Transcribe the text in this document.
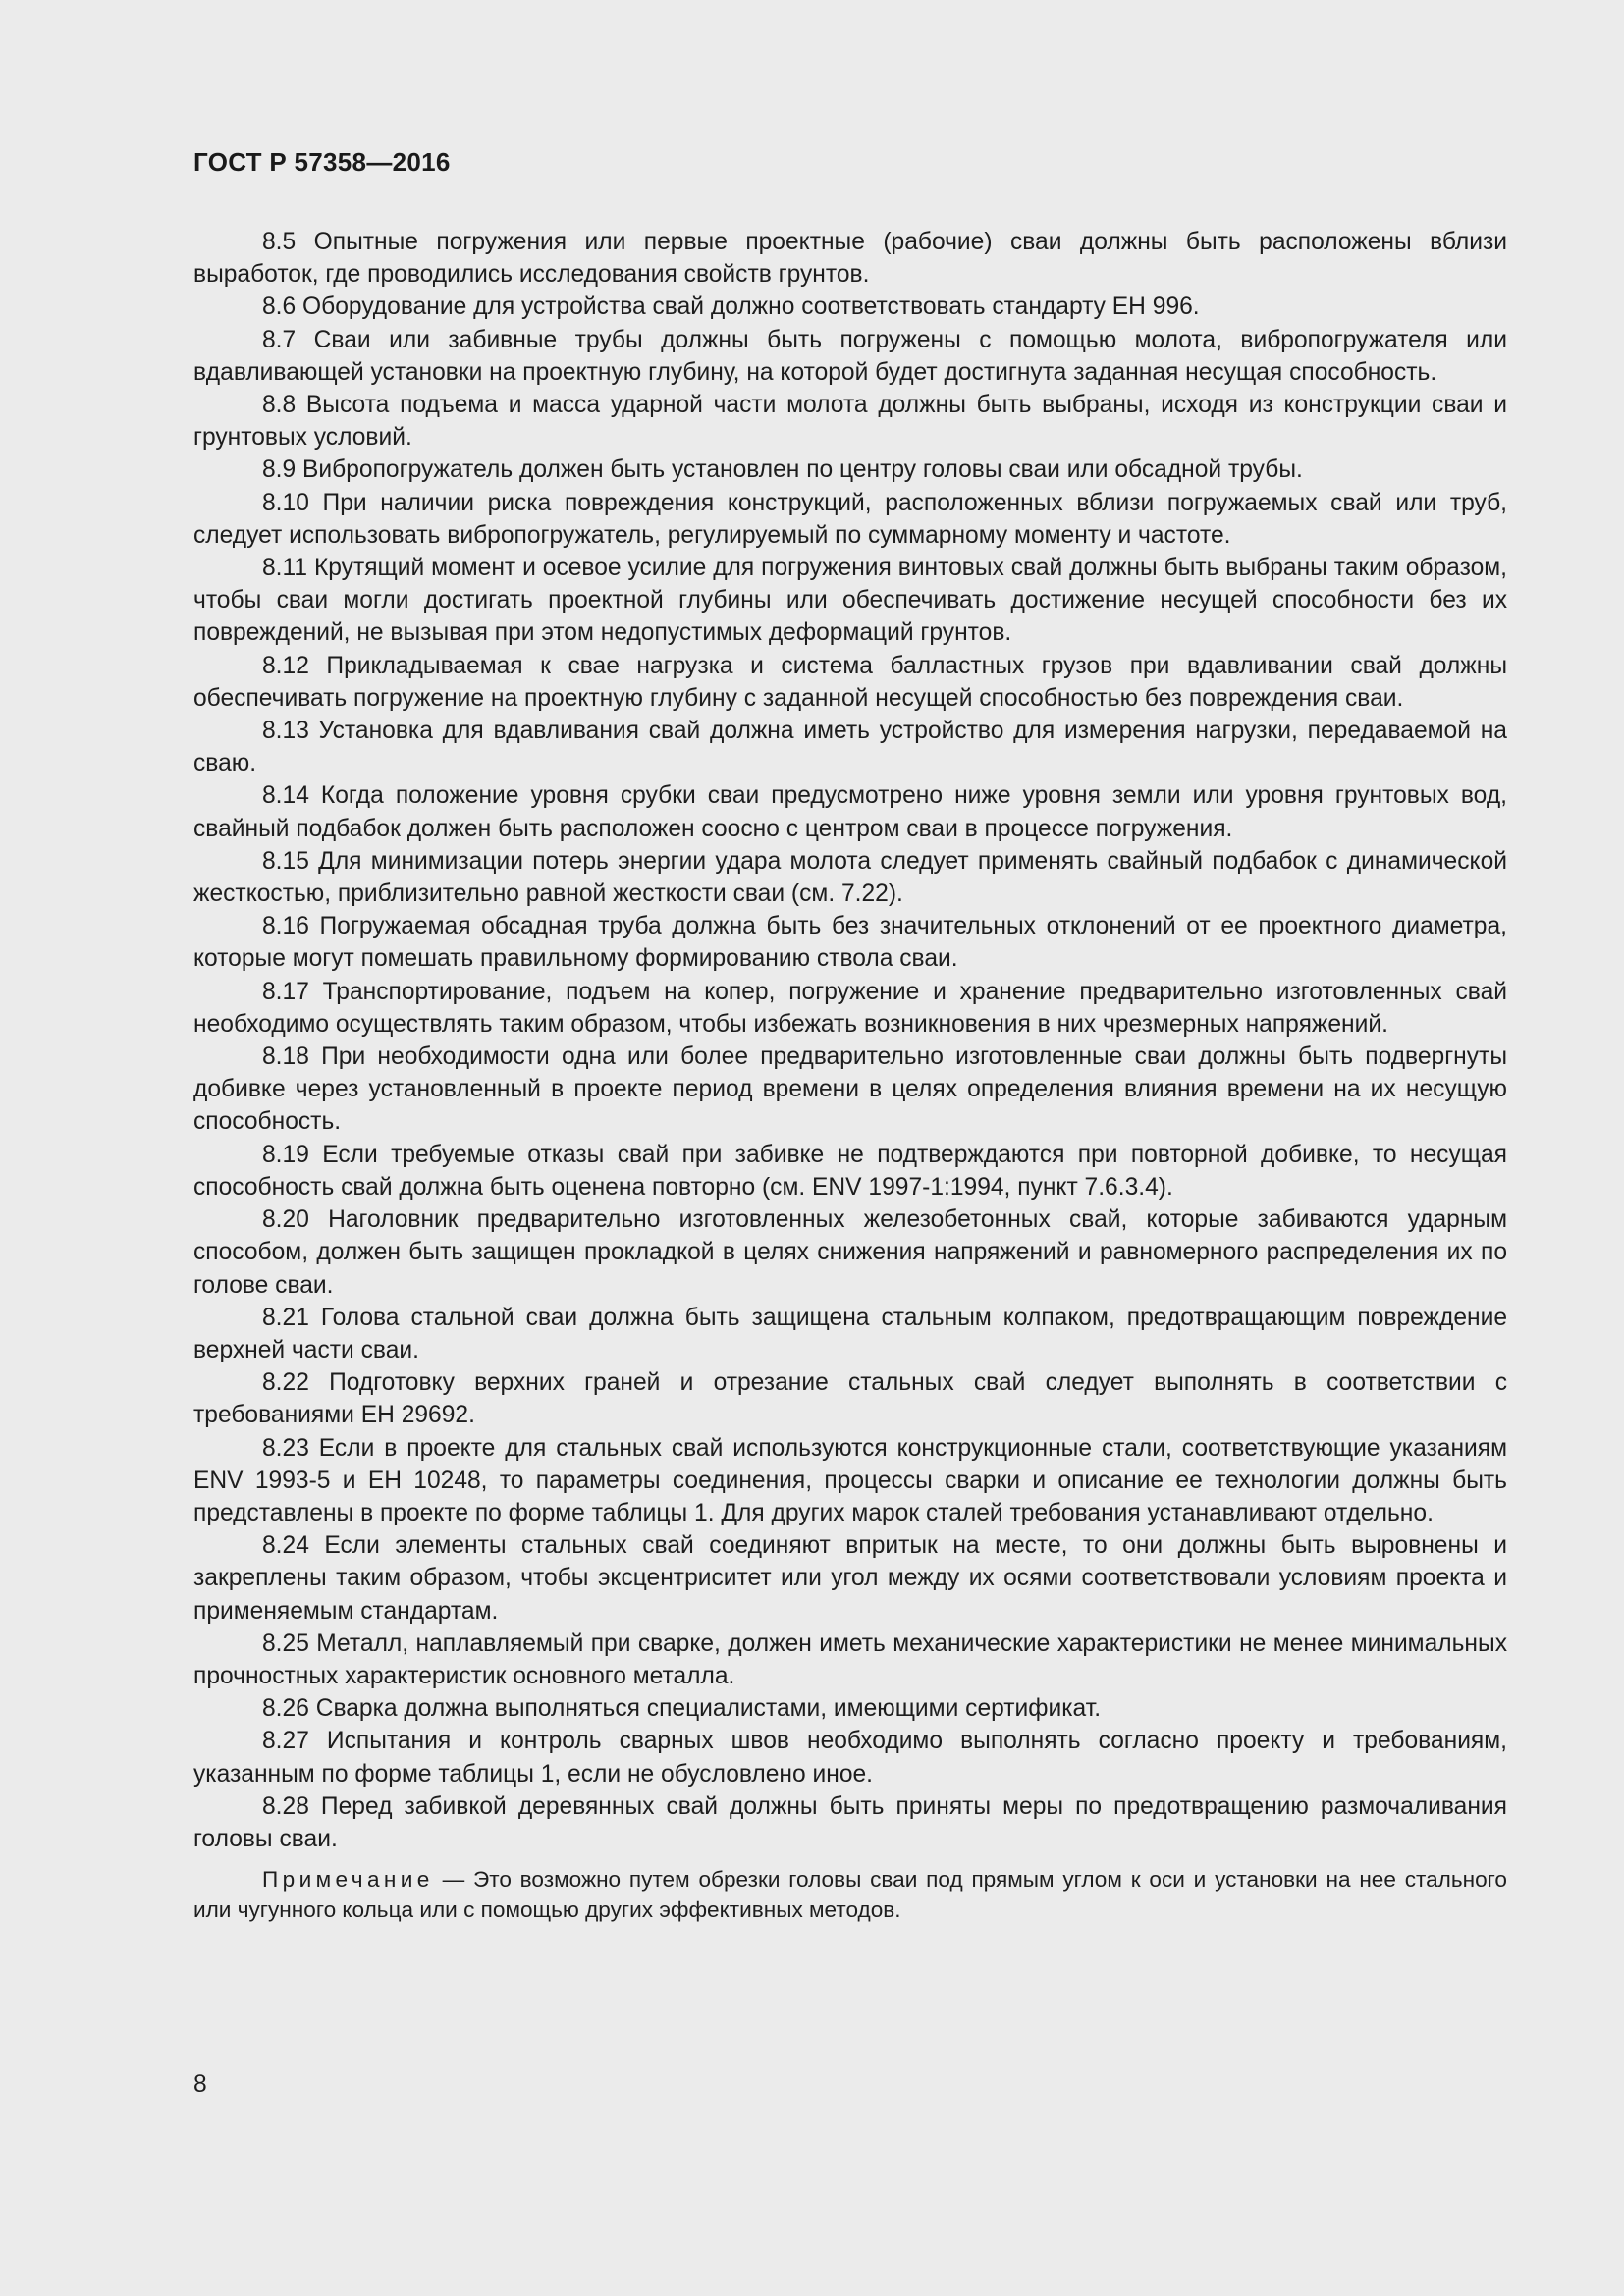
ГОСТ Р 57358—2016

8.5 Опытные погружения или первые проектные (рабочие) сваи должны быть расположены вблизи выработок, где проводились исследования свойств грунтов.

8.6 Оборудование для устройства свай должно соответствовать стандарту ЕН 996.

8.7 Сваи или забивные трубы должны быть погружены с помощью молота, вибропогружателя или вдавливающей установки на проектную глубину, на которой будет достигнута заданная несущая способность.

8.8 Высота подъема и масса ударной части молота должны быть выбраны, исходя из конструкции сваи и грунтовых условий.

8.9 Вибропогружатель должен быть установлен по центру головы сваи или обсадной трубы.

8.10 При наличии риска повреждения конструкций, расположенных вблизи погружаемых свай или труб, следует использовать вибропогружатель, регулируемый по суммарному моменту и частоте.

8.11 Крутящий момент и осевое усилие для погружения винтовых свай должны быть выбраны таким образом, чтобы сваи могли достигать проектной глубины или обеспечивать достижение несущей способности без их повреждений, не вызывая при этом недопустимых деформаций грунтов.

8.12 Прикладываемая к свае нагрузка и система балластных грузов при вдавливании свай должны обеспечивать погружение на проектную глубину с заданной несущей способностью без повреждения сваи.

8.13 Установка для вдавливания свай должна иметь устройство для измерения нагрузки, передаваемой на сваю.

8.14 Когда положение уровня срубки сваи предусмотрено ниже уровня земли или уровня грунтовых вод, свайный подбабок должен быть расположен соосно с центром сваи в процессе погружения.

8.15 Для минимизации потерь энергии удара молота следует применять свайный подбабок с динамической жесткостью, приблизительно равной жесткости сваи (см. 7.22).

8.16 Погружаемая обсадная труба должна быть без значительных отклонений от ее проектного диаметра, которые могут помешать правильному формированию ствола сваи.

8.17 Транспортирование, подъем на копер, погружение и хранение предварительно изготовленных свай необходимо осуществлять таким образом, чтобы избежать возникновения в них чрезмерных напряжений.

8.18 При необходимости одна или более предварительно изготовленные сваи должны быть подвергнуты добивке через установленный в проекте период времени в целях определения влияния времени на их несущую способность.

8.19 Если требуемые отказы свай при забивке не подтверждаются при повторной добивке, то несущая способность свай должна быть оценена повторно (см. ENV 1997-1:1994, пункт 7.6.3.4).

8.20 Наголовник предварительно изготовленных железобетонных свай, которые забиваются ударным способом, должен быть защищен прокладкой в целях снижения напряжений и равномерного распределения их по голове сваи.

8.21 Голова стальной сваи должна быть защищена стальным колпаком, предотвращающим повреждение верхней части сваи.

8.22 Подготовку верхних граней и отрезание стальных свай следует выполнять в соответствии с требованиями ЕН 29692.

8.23 Если в проекте для стальных свай используются конструкционные стали, соответствующие указаниям ENV 1993-5 и ЕН 10248, то параметры соединения, процессы сварки и описание ее технологии должны быть представлены в проекте по форме таблицы 1. Для других марок сталей требования устанавливают отдельно.

8.24 Если элементы стальных свай соединяют впритык на месте, то они должны быть выровнены и закреплены таким образом, чтобы эксцентриситет или угол между их осями соответствовали условиям проекта и применяемым стандартам.

8.25 Металл, наплавляемый при сварке, должен иметь механические характеристики не менее минимальных прочностных характеристик основного металла.

8.26 Сварка должна выполняться специалистами, имеющими сертификат.

8.27 Испытания и контроль сварных швов необходимо выполнять согласно проекту и требованиям, указанным по форме таблицы 1, если не обусловлено иное.

8.28 Перед забивкой деревянных свай должны быть приняты меры по предотвращению размочаливания головы сваи.

Примечание — Это возможно путем обрезки головы сваи под прямым углом к оси и установки на нее стального или чугунного кольца или с помощью других эффективных методов.
8
